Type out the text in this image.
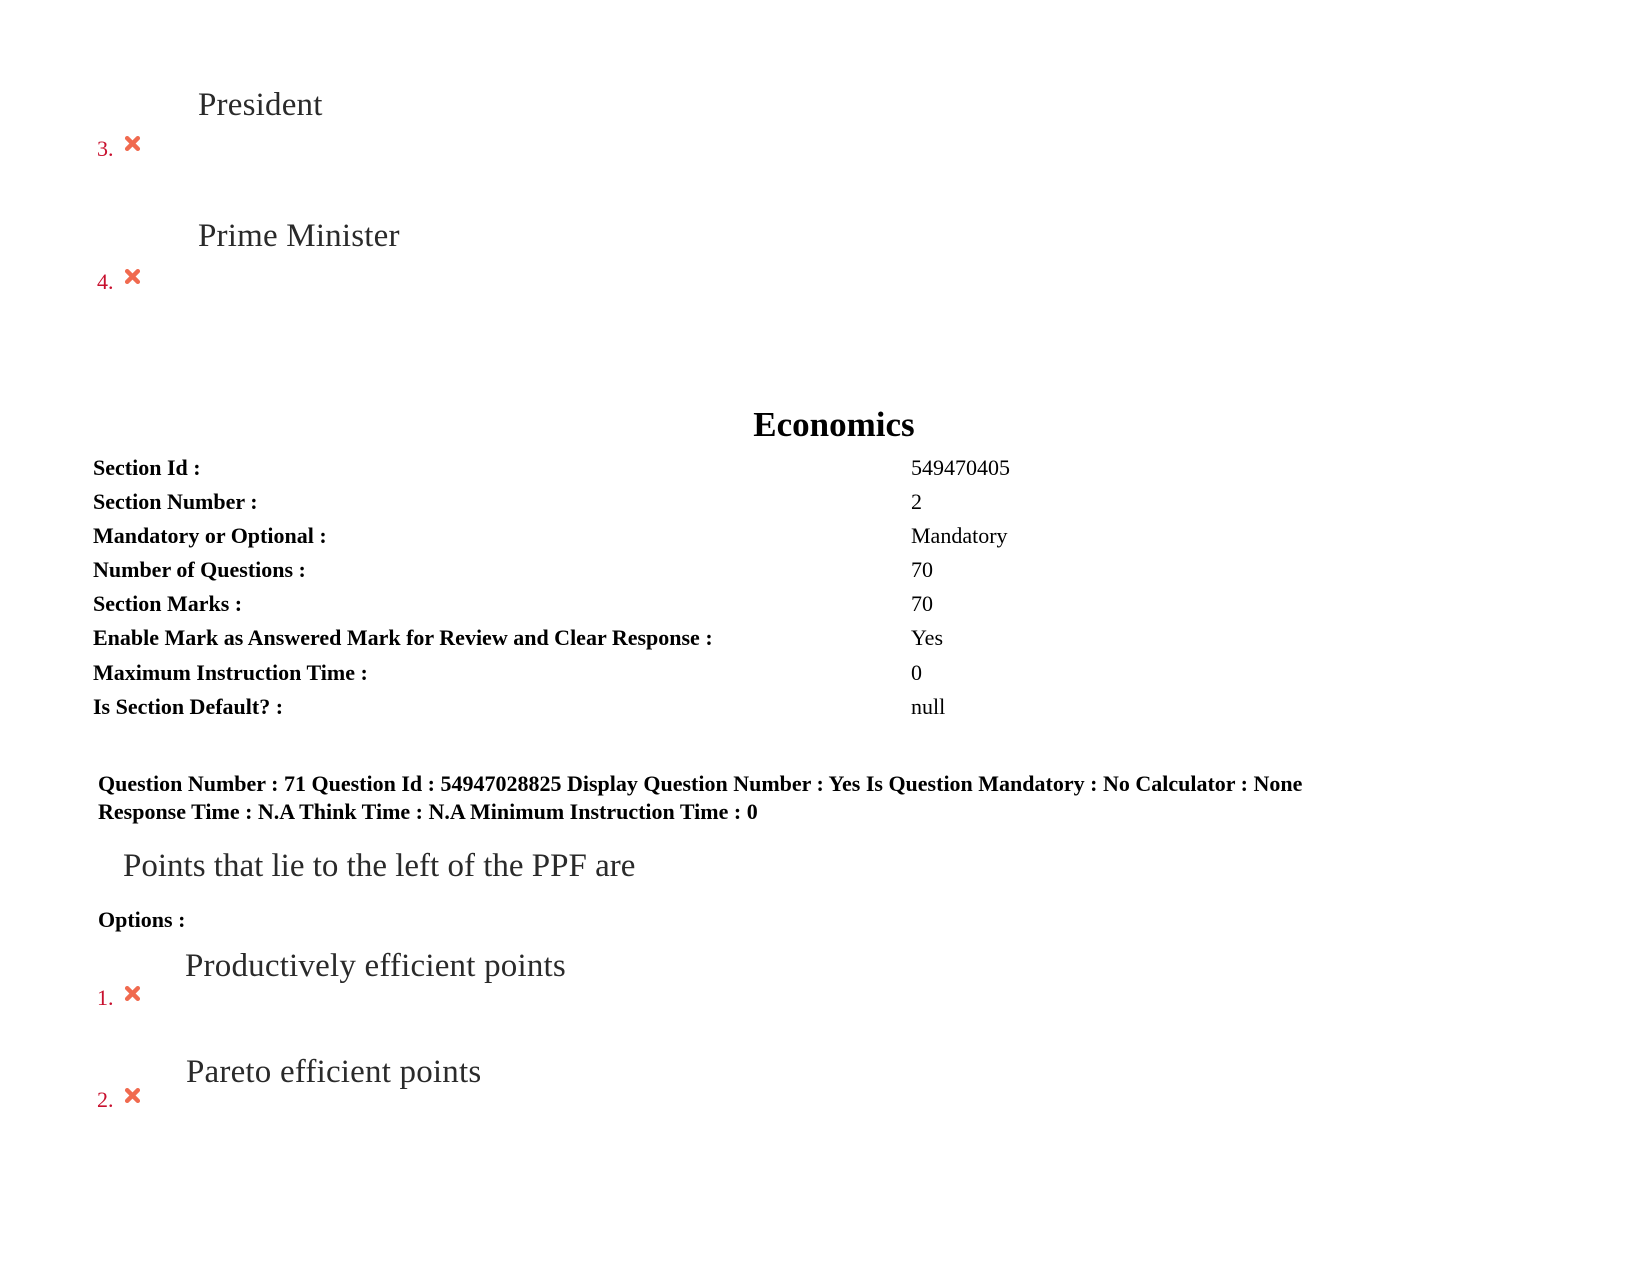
President
3.
Prime Minister
4.
Economics
Section Id :	549470405
Section Number :	2
Mandatory or Optional :	Mandatory
Number of Questions :	70
Section Marks :	70
Enable Mark as Answered Mark for Review and Clear Response :	Yes
Maximum Instruction Time :	0
Is Section Default? :	null
Question Number : 71 Question Id : 54947028825 Display Question Number : Yes Is Question Mandatory : No Calculator : None
Response Time : N.A Think Time : N.A Minimum Instruction Time : 0
Points that lie to the left of the PPF are
Options :
Productively efficient points
1.
Pareto efficient points
2.
